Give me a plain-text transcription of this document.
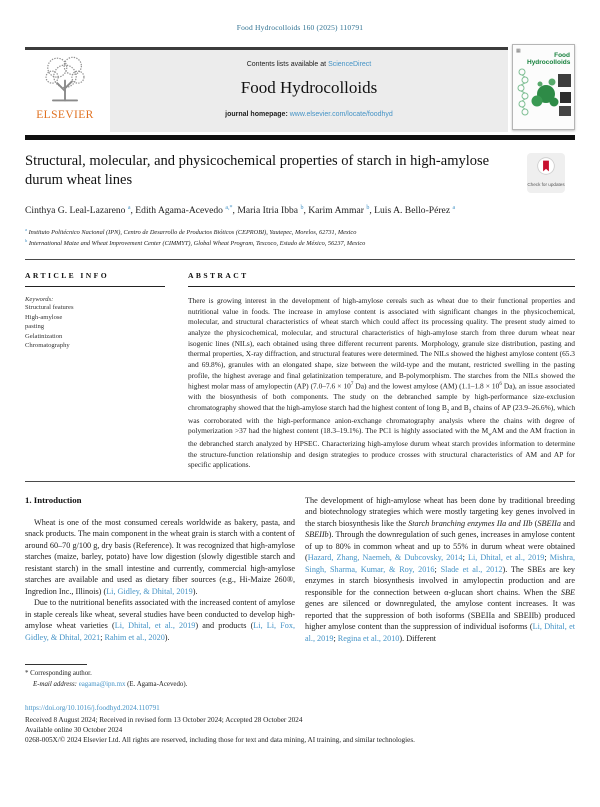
Food Hydrocolloids 160 (2025) 110791
ELSEVIER
Contents lists available at ScienceDirect
Food Hydrocolloids
journal homepage: www.elsevier.com/locate/foodhyd
▦
Food Hydrocolloids
Structural, molecular, and physicochemical properties of starch in high-amylose durum wheat lines	Check for updates
Cinthya G. Leal-Lazareno $^a$, Edith Agama-Acevedo $^{a,*}$, Maria Itria Ibba $^b$, Karim Ammar $^b$, Luis A. Bello-Pérez $^a$
$^a$ Instituto Politécnico Nacional (IPN), Centro de Desarrollo de Productos Bióticos (CEPROBI), Yautepec, Morelos, 62731, Mexico
$^b$ International Maize and Wheat Improvement Center (CIMMYT), Global Wheat Program, Texcoco, Estado de México, 56237, Mexico
ARTICLE INFO
Keywords:
Structural features
High-amylose
pasting
Gelatinization
Chromatography
ABSTRACT

There is growing interest in the development of high-amylose cereals such as wheat due to their functional properties and nutritional value in foods. The increase in amylose content is associated with significant changes in the physicochemical, molecular, and structural characteristics of wheat starch which could affect its processing quality. The present study aimed to analyze the physicochemical, molecular, and structural characteristics of high-amylose starch from three durum wheat near isogenic lines (NILs), each obtained using three different recurrent parents. Morphology, granule size distribution, pasting and thermal properties, X-ray diffraction, and structural features were determined. The NILs showed the highest amylose content (65.3 and 69.8%), granules with an elongated shape, size between the wild-type and the mutant, restricted swelling in the pasting profile, the highest average and final gelatinization temperature, and B-polymorphism. The starches from the NILs showed the highest molar mass of amylopectin (AP) ($7.0-7.6 \times 10^7$ Da) and the lowest amylose (AM) ($1.1-1.8 \times 10^6$ Da), an issue associated with the biosynthesis of both components. The study on the debranched sample by high-performance size-exclusion chromatography showed that the high-amylose starch had the highest content of long $B_2$ and $B_3$ chains of AP (23.9–26.6%), which was corroborated with the high-performance anion-exchange chromatography analysis where the chains with degree of polymerization >37 had the highest content (18.3–19.1%). The PC1 is highly associated with the $M_wAM$ and the AM fraction in the debranched starch analyzed by HPSEC. Characterizing high-amylose durum wheat starch provides information to determine the structure-function relationship and design strategies to produce crosses with structural characteristics of AM and AP for specific applications.

1. Introduction

Wheat is one of the most consumed cereals worldwide as bakery, pasta, and snack products. The main component in the wheat grain is starch with a content of around 60–70 g/100 g, dry basis (Reference). It was recognized that high-amylose starches (maize, barley, potato) have low digestion (slowly digestible starch and resistant starch) in the small intestine and currently, commercial high-amylose starches are available and used as dietary fiber sources (e.g., Hi-Maize 260®, Ingredion Inc., Illinois) (Li, Gidley, & Dhital, 2019).

Due to the nutritional benefits associated with the increased content of amylose in staple cereals like wheat, several studies have been conducted to develop high-amylose wheat varieties (Li, Dhital, et al., 2019) and products (Li, Li, Fox, Gidley, & Dhital, 2021; Rahim et al., 2020).

The development of high-amylose wheat has been done by traditional breeding and biotechnology strategies which were mostly targeting key genes involved in the starch biosynthesis like the Starch branching enzymes IIa and IIb (SBEIIa and SBEIIb). Through the downregulation of such genes, increases in amylose content of up to 80% in common wheat and up to 55% in durum wheat were obtained (Hazard, Zhang, Naemeh, & Dubcovsky, 2014; Li, Dhital, et al., 2019; Mishra, Singh, Sharma, Kumar, & Roy, 2016; Slade et al., 2012). The SBEs are key enzymes in starch biosynthesis involved in amylopectin production and are responsible for the connection between α-glucan short chains. When the SBE genes are silenced or downregulated, the amylose content increases. It was reported that the suppression of both isoforms (SBEIIa and SBEIIb) produced higher amylose content than the suppression of individual isoforms (Li, Dhital, et al., 2019; Regina et al., 2010). Different

* Corresponding author.
E-mail address: eagama@ipn.mx (E. Agama-Acevedo).
https://doi.org/10.1016/j.foodhyd.2024.110791
Received 8 August 2024; Received in revised form 13 October 2024; Accepted 28 October 2024
Available online 30 October 2024
0268-005X/© 2024 Elsevier Ltd. All rights are reserved, including those for text and data mining, AI training, and similar technologies.
